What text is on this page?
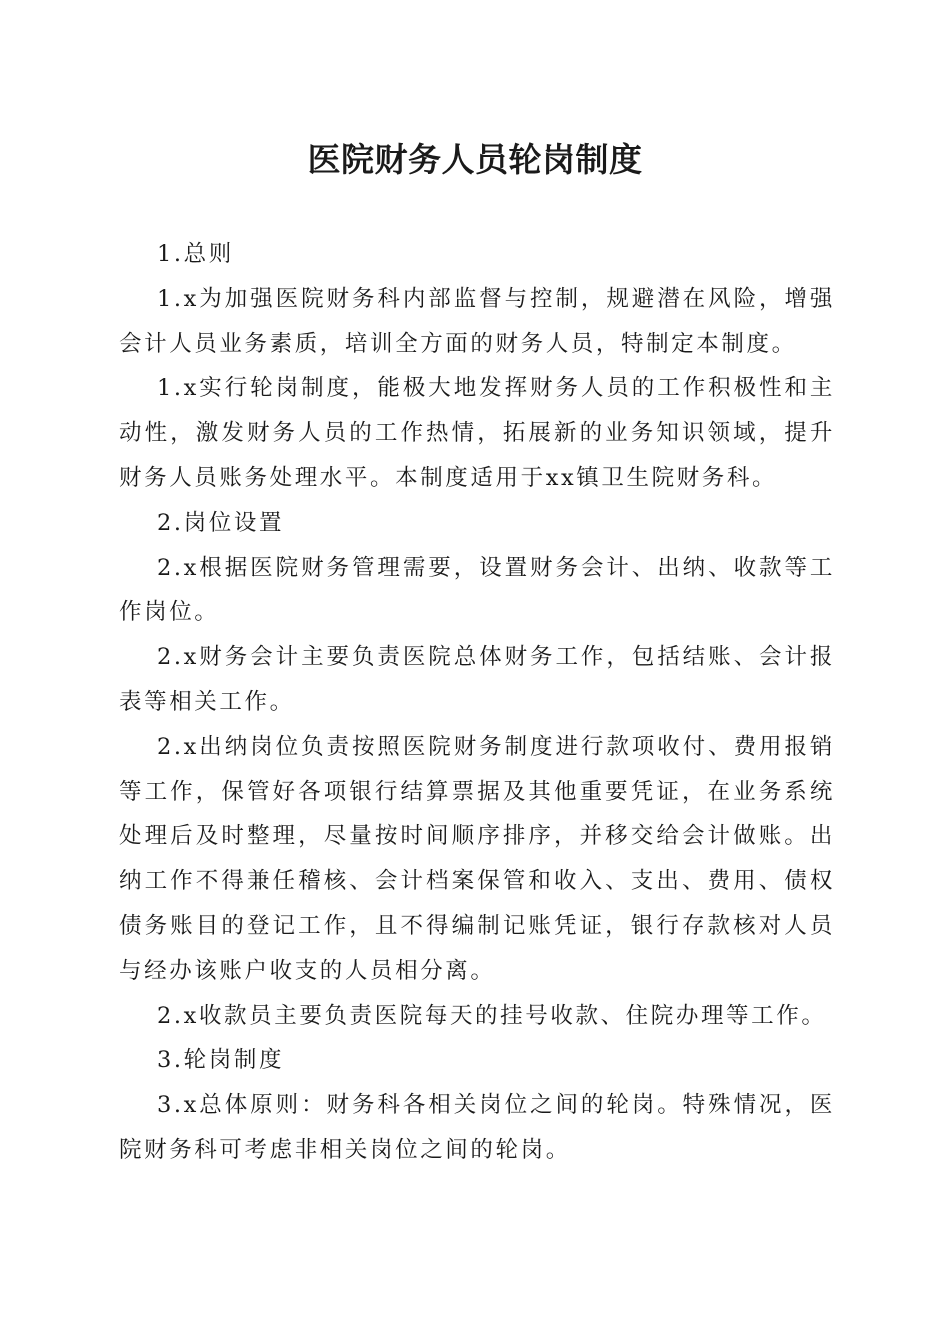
医院财务人员轮岗制度

1.总则

1.x为加强医院财务科内部监督与控制，规避潜在风险，增强会计人员业务素质，培训全方面的财务人员，特制定本制度。

1.x实行轮岗制度，能极大地发挥财务人员的工作积极性和主动性，激发财务人员的工作热情，拓展新的业务知识领域，提升财务人员账务处理水平。本制度适用于xx镇卫生院财务科。

2.岗位设置

2.x根据医院财务管理需要，设置财务会计、出纳、收款等工作岗位。

2.x财务会计主要负责医院总体财务工作，包括结账、会计报表等相关工作。

2.x出纳岗位负责按照医院财务制度进行款项收付、费用报销等工作，保管好各项银行结算票据及其他重要凭证，在业务系统处理后及时整理，尽量按时间顺序排序，并移交给会计做账。出纳工作不得兼任稽核、会计档案保管和收入、支出、费用、债权债务账目的登记工作，且不得编制记账凭证，银行存款核对人员与经办该账户收支的人员相分离。

2.x收款员主要负责医院每天的挂号收款、住院办理等工作。

3.轮岗制度

3.x总体原则：财务科各相关岗位之间的轮岗。特殊情况，医院财务科可考虑非相关岗位之间的轮岗。
